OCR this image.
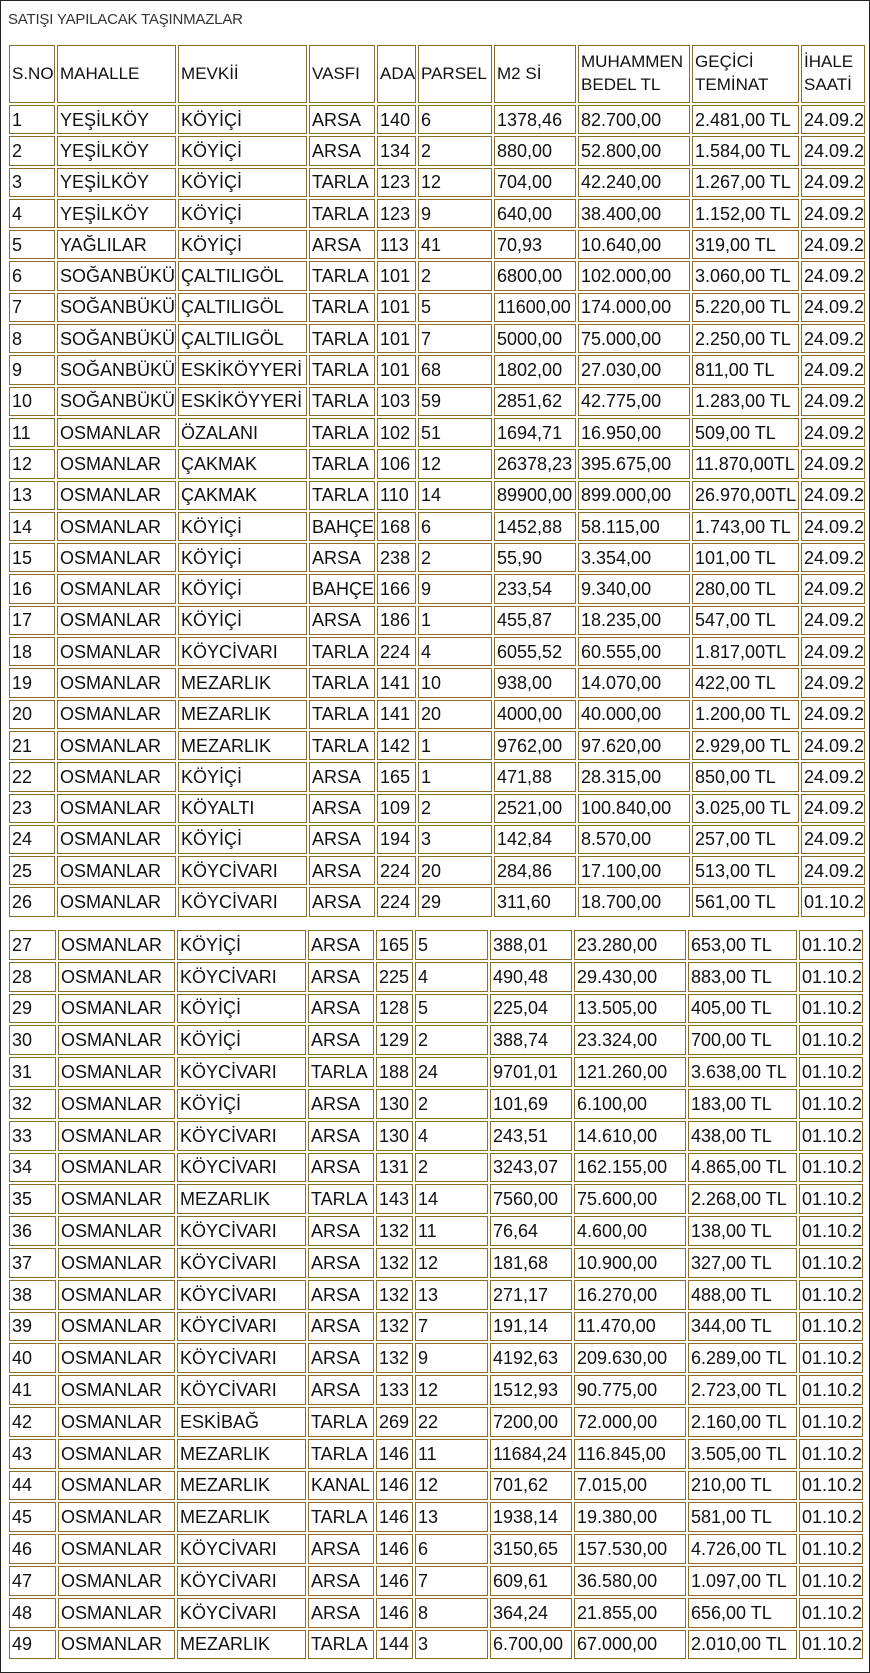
SATIŞI YAPILACAK TAŞINMAZLAR
S.NO	MAHALLE	MEVKİİ	VASFI	ADA	PARSEL	M2 Sİ	MUHAMMEN BEDEL TL	GEÇİCİ TEMİNAT	İHALE SAATİ
1	YEŞİLKÖY	KÖYİÇİ	ARSA	140	6	1378,46	82.700,00	2.481,00 TL	24.09.2
2	YEŞİLKÖY	KÖYİÇİ	ARSA	134	2	880,00	52.800,00	1.584,00 TL	24.09.2
3	YEŞİLKÖY	KÖYİÇİ	TARLA	123	12	704,00	42.240,00	1.267,00 TL	24.09.2
4	YEŞİLKÖY	KÖYİÇİ	TARLA	123	9	640,00	38.400,00	1.152,00 TL	24.09.2
5	YAĞLILAR	KÖYİÇİ	ARSA	113	41	70,93	10.640,00	319,00 TL	24.09.2
6	SOĞANBÜKÜ	ÇALTILIGÖL	TARLA	101	2	6800,00	102.000,00	3.060,00 TL	24.09.2
7	SOĞANBÜKÜ	ÇALTILIGÖL	TARLA	101	5	11600,00	174.000,00	5.220,00 TL	24.09.2
8	SOĞANBÜKÜ	ÇALTILIGÖL	TARLA	101	7	5000,00	75.000,00	2.250,00 TL	24.09.2
9	SOĞANBÜKÜ	ESKİKÖYYERİ	TARLA	101	68	1802,00	27.030,00	811,00 TL	24.09.2
10	SOĞANBÜKÜ	ESKİKÖYYERİ	TARLA	103	59	2851,62	42.775,00	1.283,00 TL	24.09.2
11	OSMANLAR	ÖZALANI	TARLA	102	51	1694,71	16.950,00	509,00 TL	24.09.2
12	OSMANLAR	ÇAKMAK	TARLA	106	12	26378,23	395.675,00	11.870,00TL	24.09.2
13	OSMANLAR	ÇAKMAK	TARLA	110	14	89900,00	899.000,00	26.970,00TL	24.09.2
14	OSMANLAR	KÖYİÇİ	BAHÇE	168	6	1452,88	58.115,00	1.743,00 TL	24.09.2
15	OSMANLAR	KÖYİÇİ	ARSA	238	2	55,90	3.354,00	101,00 TL	24.09.2
16	OSMANLAR	KÖYİÇİ	BAHÇE	166	9	233,54	9.340,00	280,00 TL	24.09.2
17	OSMANLAR	KÖYİÇİ	ARSA	186	1	455,87	18.235,00	547,00 TL	24.09.2
18	OSMANLAR	KÖYCİVARI	TARLA	224	4	6055,52	60.555,00	1.817,00TL	24.09.2
19	OSMANLAR	MEZARLIK	TARLA	141	10	938,00	14.070,00	422,00 TL	24.09.2
20	OSMANLAR	MEZARLIK	TARLA	141	20	4000,00	40.000,00	1.200,00 TL	24.09.2
21	OSMANLAR	MEZARLIK	TARLA	142	1	9762,00	97.620,00	2.929,00 TL	24.09.2
22	OSMANLAR	KÖYİÇİ	ARSA	165	1	471,88	28.315,00	850,00 TL	24.09.2
23	OSMANLAR	KÖYALTI	ARSA	109	2	2521,00	100.840,00	3.025,00 TL	24.09.2
24	OSMANLAR	KÖYİÇİ	ARSA	194	3	142,84	8.570,00	257,00 TL	24.09.2
25	OSMANLAR	KÖYCİVARI	ARSA	224	20	284,86	17.100,00	513,00 TL	24.09.2
26	OSMANLAR	KÖYCİVARI	ARSA	224	29	311,60	18.700,00	561,00 TL	01.10.2
27	OSMANLAR	KÖYİÇİ	ARSA	165	5	388,01	23.280,00	653,00 TL	01.10.2
28	OSMANLAR	KÖYCİVARI	ARSA	225	4	490,48	29.430,00	883,00 TL	01.10.2
29	OSMANLAR	KÖYİÇİ	ARSA	128	5	225,04	13.505,00	405,00 TL	01.10.2
30	OSMANLAR	KÖYİÇİ	ARSA	129	2	388,74	23.324,00	700,00 TL	01.10.2
31	OSMANLAR	KÖYCİVARI	TARLA	188	24	9701,01	121.260,00	3.638,00 TL	01.10.2
32	OSMANLAR	KÖYİÇİ	ARSA	130	2	101,69	6.100,00	183,00 TL	01.10.2
33	OSMANLAR	KÖYCİVARI	ARSA	130	4	243,51	14.610,00	438,00 TL	01.10.2
34	OSMANLAR	KÖYCİVARI	ARSA	131	2	3243,07	162.155,00	4.865,00 TL	01.10.2
35	OSMANLAR	MEZARLIK	TARLA	143	14	7560,00	75.600,00	2.268,00 TL	01.10.2
36	OSMANLAR	KÖYCİVARI	ARSA	132	11	76,64	4.600,00	138,00 TL	01.10.2
37	OSMANLAR	KÖYCİVARI	ARSA	132	12	181,68	10.900,00	327,00 TL	01.10.2
38	OSMANLAR	KÖYCİVARI	ARSA	132	13	271,17	16.270,00	488,00 TL	01.10.2
39	OSMANLAR	KÖYCİVARI	ARSA	132	7	191,14	11.470,00	344,00 TL	01.10.2
40	OSMANLAR	KÖYCİVARI	ARSA	132	9	4192,63	209.630,00	6.289,00 TL	01.10.2
41	OSMANLAR	KÖYCİVARI	ARSA	133	12	1512,93	90.775,00	2.723,00 TL	01.10.2
42	OSMANLAR	ESKİBAĞ	TARLA	269	22	7200,00	72.000,00	2.160,00 TL	01.10.2
43	OSMANLAR	MEZARLIK	TARLA	146	11	11684,24	116.845,00	3.505,00 TL	01.10.2
44	OSMANLAR	MEZARLIK	KANAL	146	12	701,62	7.015,00	210,00 TL	01.10.2
45	OSMANLAR	MEZARLIK	TARLA	146	13	1938,14	19.380,00	581,00 TL	01.10.2
46	OSMANLAR	KÖYCİVARI	ARSA	146	6	3150,65	157.530,00	4.726,00 TL	01.10.2
47	OSMANLAR	KÖYCİVARI	ARSA	146	7	609,61	36.580,00	1.097,00 TL	01.10.2
48	OSMANLAR	KÖYCİVARI	ARSA	146	8	364,24	21.855,00	656,00 TL	01.10.2
49	OSMANLAR	MEZARLIK	TARLA	144	3	6.700,00	67.000,00	2.010,00 TL	01.10.2
